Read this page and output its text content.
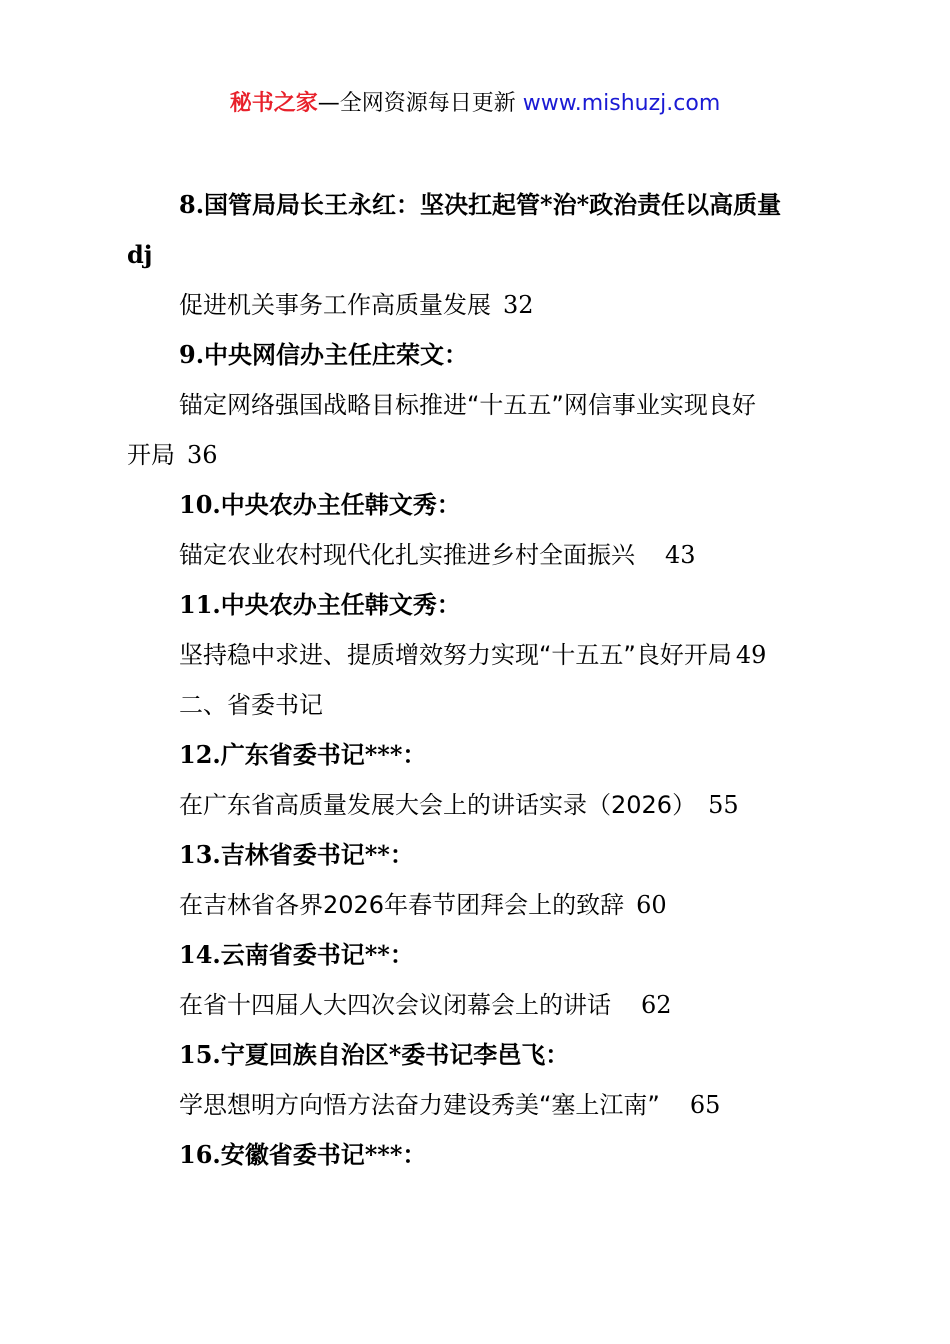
秘书之家—全网资源每日更新 www.mishuzj.com
8.国管局局长王永红：坚决扛起管*治*政治责任以高质量
dj
促进机关事务工作高质量发展 32
9.中央网信办主任庄荣文：
锚定网络强国战略目标推进“十五五”网信事业实现良好
开局 36
10.中央农办主任韩文秀：
锚定农业农村现代化扎实推进乡村全面振兴 43
11.中央农办主任韩文秀：
坚持稳中求进、提质增效努力实现“十五五”良好开局 49
二、省委书记
12.广东省委书记***：
在广东省高质量发展大会上的讲话实录（2026） 55
13.吉林省委书记**：
在吉林省各界2026年春节团拜会上的致辞 60
14.云南省委书记**：
在省十四届人大四次会议闭幕会上的讲话 62
15.宁夏回族自治区*委书记李邑飞：
学思想明方向悟方法奋力建设秀美“塞上江南” 65
16.安徽省委书记***：
